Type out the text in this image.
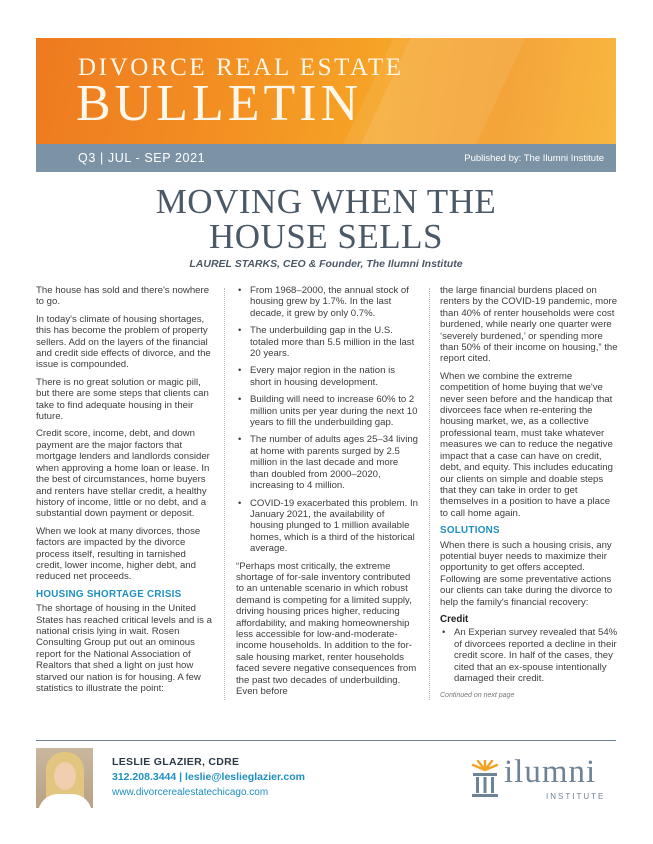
DIVORCE REAL ESTATE
BULLETIN
Q3 | JUL - SEP 2021	Published by: The Ilumni Institute
MOVING WHEN THE
HOUSE SELLS
LAUREL STARKS, CEO & Founder, The Ilumni Institute

The house has sold and there's nowhere to go.

In today's climate of housing shortages, this has become the problem of property sellers. Add on the layers of the financial and credit side effects of divorce, and the issue is compounded.

There is no great solution or magic pill, but there are some steps that clients can take to find adequate housing in their future.

Credit score, income, debt, and down payment are the major factors that mortgage lenders and landlords consider when approving a home loan or lease. In the best of circumstances, home buyers and renters have stellar credit, a healthy history of income, little or no debt, and a substantial down payment or deposit.

When we look at many divorces, those factors are impacted by the divorce process itself, resulting in tarnished credit, lower income, higher debt, and reduced net proceeds.

HOUSING SHORTAGE CRISIS

The shortage of housing in the United States has reached critical levels and is a national crisis lying in wait. Rosen Consulting Group put out an ominous report for the National Association of Realtors that shed a light on just how starved our nation is for housing. A few statistics to illustrate the point:

• From 1968–2000, the annual stock of housing grew by 1.7%. In the last decade, it grew by only 0.7%.
• The underbuilding gap in the U.S. totaled more than 5.5 million in the last 20 years.
• Every major region in the nation is short in housing development.
• Building will need to increase 60% to 2 million units per year during the next 10 years to fill the underbuilding gap.
• The number of adults ages 25–34 living at home with parents surged by 2.5 million in the last decade and more than doubled from 2000–2020, increasing to 4 million.
• COVID-19 exacerbated this problem. In January 2021, the availability of housing plunged to 1 million available homes, which is a third of the historical average.

“Perhaps most critically, the extreme shortage of for-sale inventory contributed to an untenable scenario in which robust demand is competing for a limited supply, driving housing prices higher, reducing affordability, and making homeownership less accessible for low-and-moderate-income households. In addition to the for-sale housing market, renter households faced severe negative consequences from the past two decades of underbuilding. Even before

the large financial burdens placed on renters by the COVID-19 pandemic, more than 40% of renter households were cost burdened, while nearly one quarter were ‘severely burdened,’ or spending more than 50% of their income on housing,” the report cited.

When we combine the extreme competition of home buying that we've never seen before and the handicap that divorcees face when re-entering the housing market, we, as a collective professional team, must take whatever measures we can to reduce the negative impact that a case can have on credit, debt, and equity. This includes educating our clients on simple and doable steps that they can take in order to get themselves in a position to have a place to call home again.

SOLUTIONS

When there is such a housing crisis, any potential buyer needs to maximize their opportunity to get offers accepted. Following are some preventative actions our clients can take during the divorce to help the family's financial recovery:

Credit
• An Experian survey revealed that 54% of divorcees reported a decline in their credit score. In half of the cases, they cited that an ex-spouse intentionally damaged their credit.
Continued on next page
LESLIE GLAZIER, CDRE
312.208.3444 | leslie@leslieglazier.com
www.divorcerealestatechicago.com
ilumni
INSTITUTE
